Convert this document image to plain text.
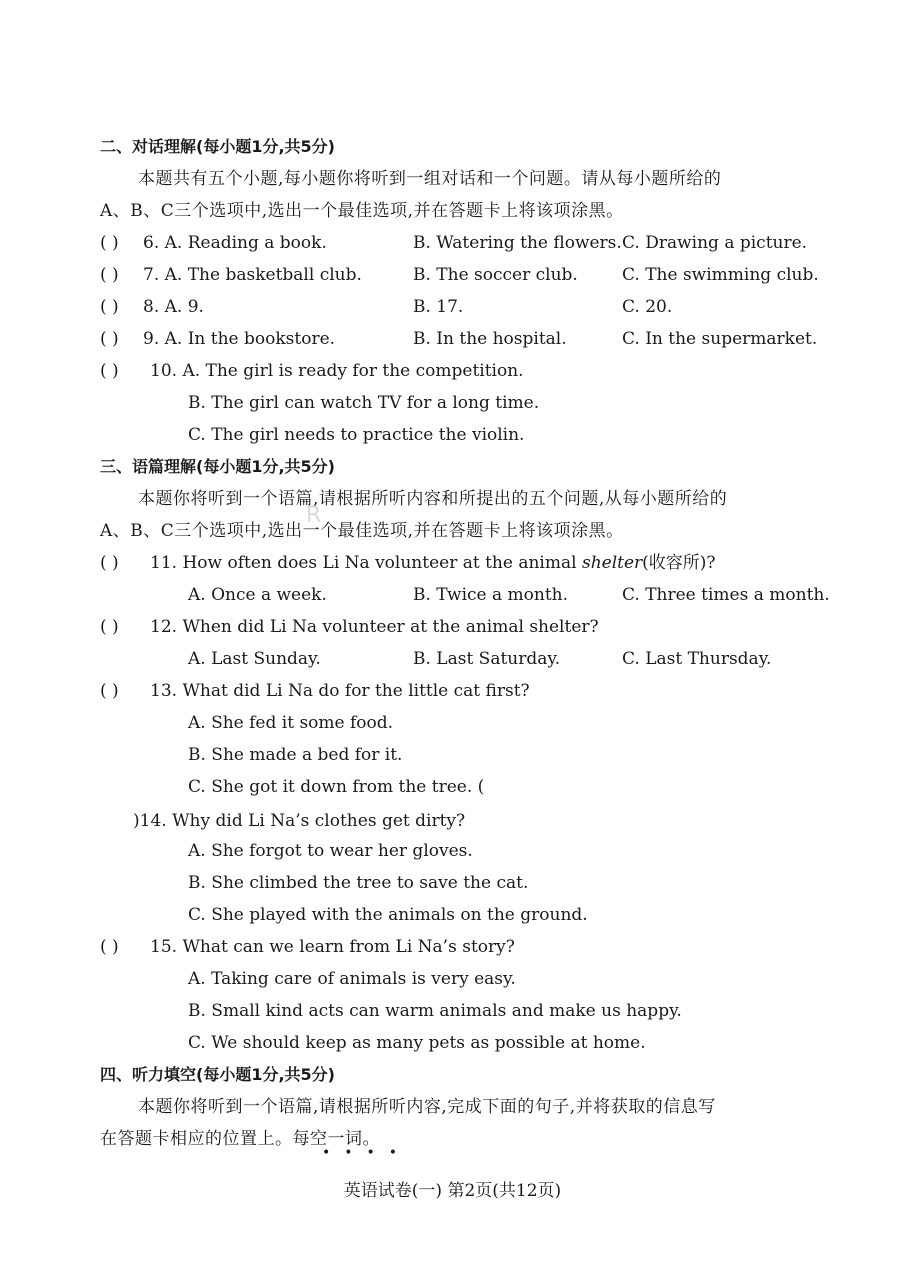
二、对话理解(每小题1分,共5分)
本题共有五个小题,每小题你将听到一组对话和一个问题。请从每小题所给的
A、B、C三个选项中,选出一个最佳选项,并在答题卡上将该项涂黑。
( ) 6. A. Reading a book.	B. Watering the flowers. C. Drawing a picture.
( ) 7. A. The basketball club.	B. The soccer club.	C. The swimming club.
( ) 8. A. 9.	B. 17.	C. 20.
( ) 9. A. In the bookstore.	B. In the hospital.	C. In the supermarket.
( ) 10. A. The girl is ready for the competition.
B. The girl can watch TV for a long time.
C. The girl needs to practice the violin.
三、语篇理解(每小题1分,共5分)
本题你将听到一个语篇,请根据所听内容和所提出的五个问题,从每小题所给的
A、B、C三个选项中,选出一个最佳选项,并在答题卡上将该项涂黑。
R
( ) 11. How often does Li Na volunteer at the animal shelter(收容所)?
A. Once a week.	B. Twice a month.	C. Three times a month.
( ) 12. When did Li Na volunteer at the animal shelter?
A. Last Sunday.	B. Last Saturday.	C. Last Thursday.
( ) 13. What did Li Na do for the little cat first?
A. She fed it some food.
B. She made a bed for it.
C. She got it down from the tree. (
)14. Why did Li Na’s clothes get dirty?
A. She forgot to wear her gloves.
B. She climbed the tree to save the cat.
C. She played with the animals on the ground.
( ) 15. What can we learn from Li Na’s story?
A. Taking care of animals is very easy.
B. Small kind acts can warm animals and make us happy.
C. We should keep as many pets as possible at home.
四、听力填空(每小题1分,共5分)
本题你将听到一个语篇,请根据所听内容,完成下面的句子,并将获取的信息写
在答题卡相应的位置上。每空一词。
••••
英语试卷(一) 第2页(共12页)
